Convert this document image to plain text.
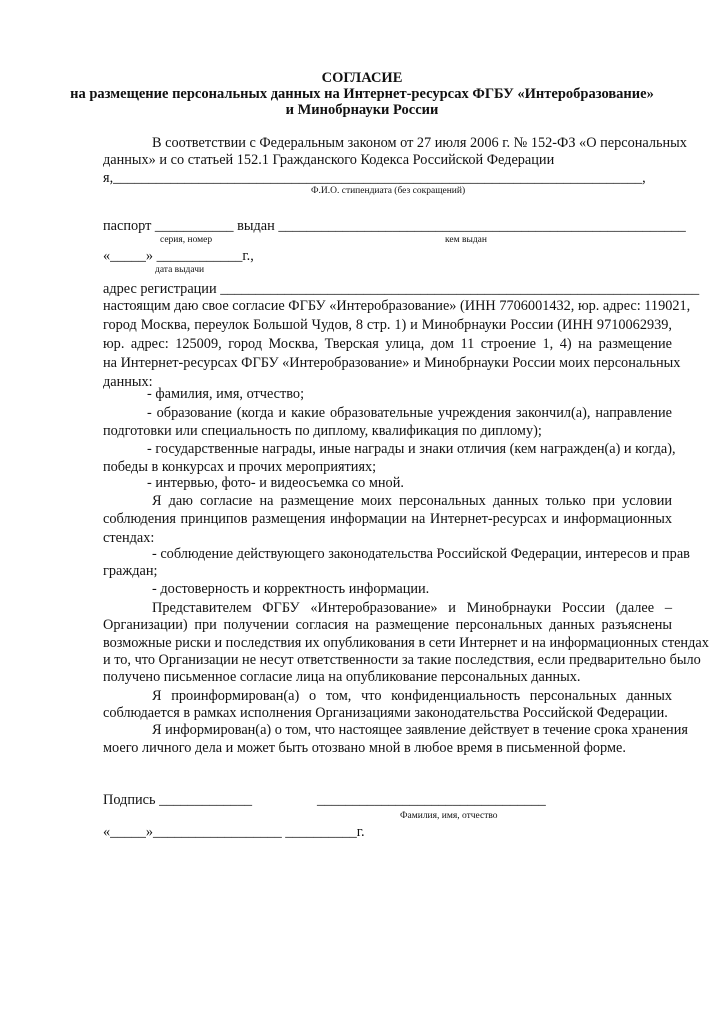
СОГЛАСИЕ
на размещение персональных данных на Интернет-ресурсах ФГБУ «Интеробразование»
и Минобрнауки России
В соответствии с Федеральным законом от 27 июля 2006 г. № 152-ФЗ «О персональных
данных» и со статьей 152.1 Гражданского Кодекса Российской Федерации
я,__________________________________________________________________________,
Ф.И.О. стипендиата (без сокращений)
паспорт ___________ выдан _________________________________________________________
серия, номер	кем выдан
«_____» ____________г.,
дата выдачи
адрес регистрации ___________________________________________________________________
настоящим даю свое согласие ФГБУ «Интеробразование» (ИНН 7706001432, юр. адрес: 119021,
город Москва, переулок Большой Чудов, 8 стр. 1) и Минобрнауки России (ИНН 9710062939,
юр. адрес: 125009, город Москва, Тверская улица, дом 11 строение 1, 4) на размещение
на Интернет-ресурсах ФГБУ «Интеробразование» и Минобрнауки России моих персональных
данных:
- фамилия, имя, отчество;
- образование (когда и какие образовательные учреждения закончил(а), направление
подготовки или специальность по диплому, квалификация по диплому);
- государственные награды, иные награды и знаки отличия (кем награжден(а) и когда),
победы в конкурсах и прочих мероприятиях;
- интервью, фото- и видеосъемка со мной.
Я даю согласие на размещение моих персональных данных только при условии
соблюдения принципов размещения информации на Интернет-ресурсах и информационных
стендах:
- соблюдение действующего законодательства Российской Федерации, интересов и прав
граждан;
- достоверность и корректность информации.
Представителем ФГБУ «Интеробразование» и Минобрнауки России (далее –
Организации) при получении согласия на размещение персональных данных разъяснены
возможные риски и последствия их опубликования в сети Интернет и на информационных стендах
и то, что Организации не несут ответственности за такие последствия, если предварительно было
получено письменное согласие лица на опубликование персональных данных.
Я проинформирован(а) о том, что конфиденциальность персональных данных
соблюдается в рамках исполнения Организациями законодательства Российской Федерации.
Я информирован(а) о том, что настоящее заявление действует в течение срока хранения
моего личного дела и может быть отозвано мной в любое время в письменной форме.
Подпись _____________	________________________________
Фамилия, имя, отчество
«_____»__________________ __________г.
